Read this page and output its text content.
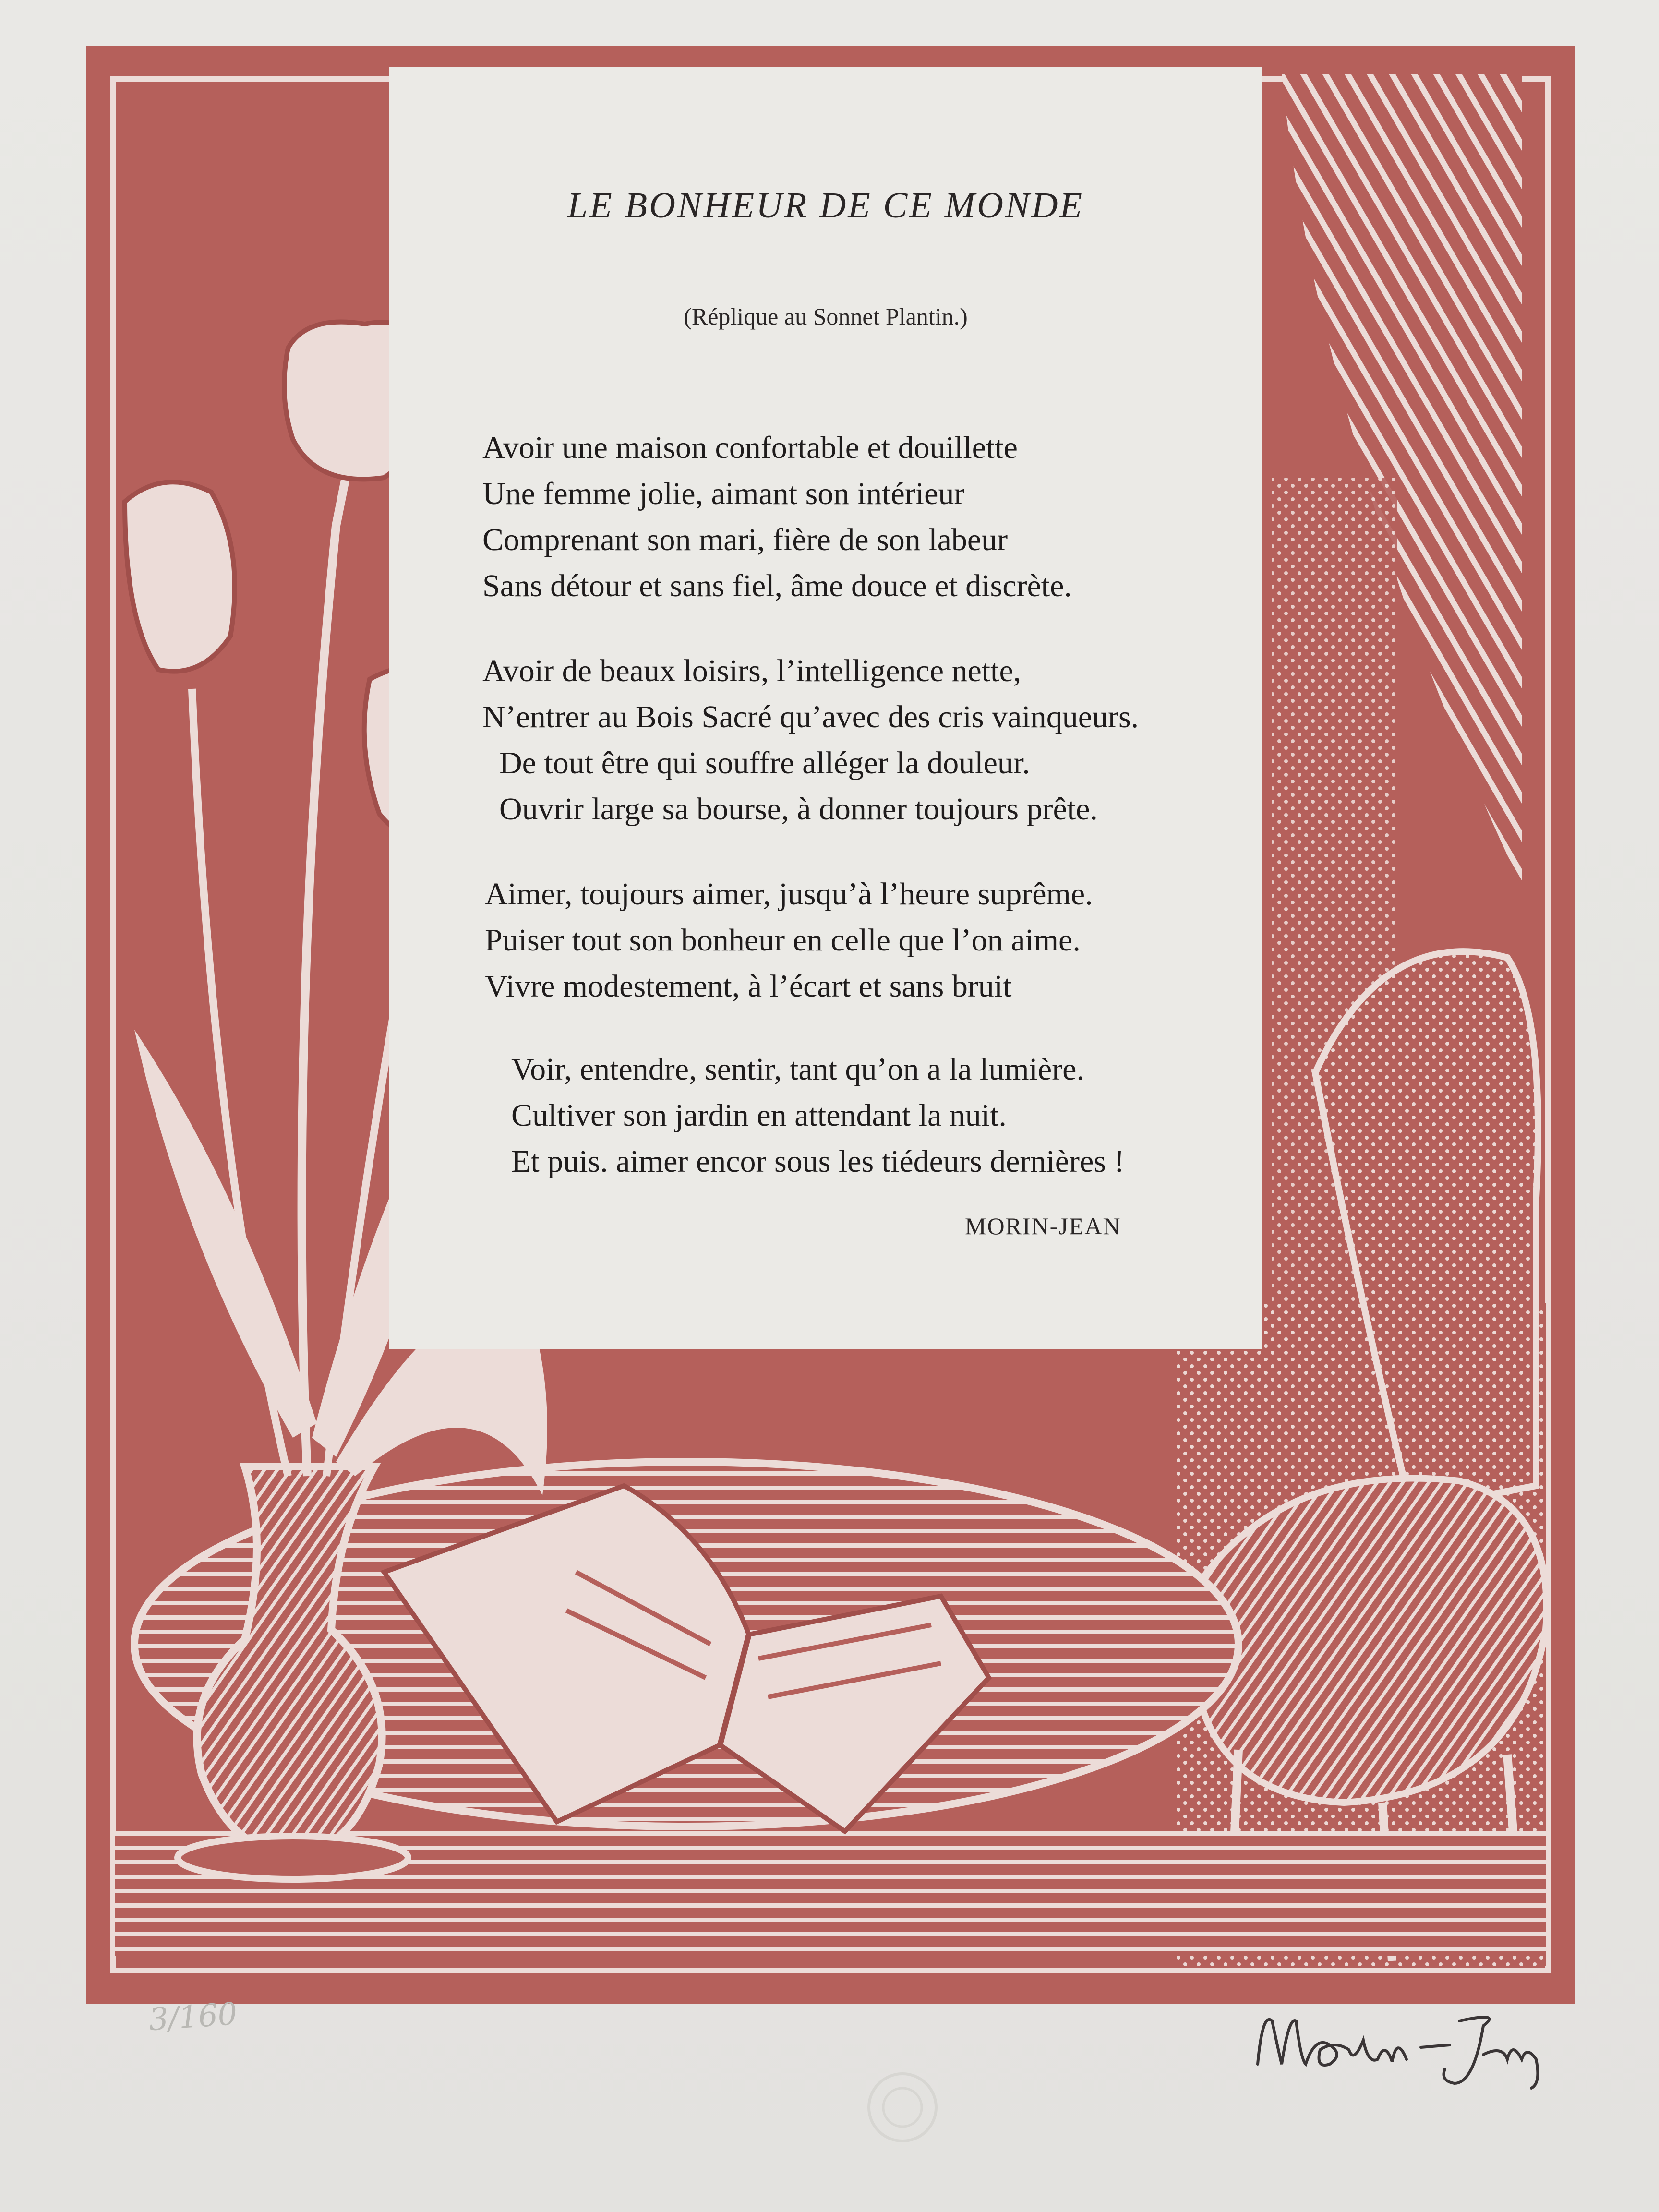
LE BONHEUR DE CE MONDE
(Réplique au Sonnet Plantin.)
Avoir une maison confortable et douillette
Une femme jolie, aimant son intérieur
Comprenant son mari, fière de son labeur
Sans détour et sans fiel, âme douce et discrète.
Avoir de beaux loisirs, l’intelligence nette,
N’entrer au Bois Sacré qu’avec des cris vainqueurs.
De tout être qui souffre alléger la douleur.
Ouvrir large sa bourse, à donner toujours prête.
Aimer, toujours aimer, jusqu’à l’heure suprême.
Puiser tout son bonheur en celle que l’on aime.
Vivre modestement, à l’écart et sans bruit
Voir, entendre, sentir, tant qu’on a la lumière.
Cultiver son jardin en attendant la nuit.
Et puis. aimer encor sous les tiédeurs dernières !
MORIN-JEAN
3/160
